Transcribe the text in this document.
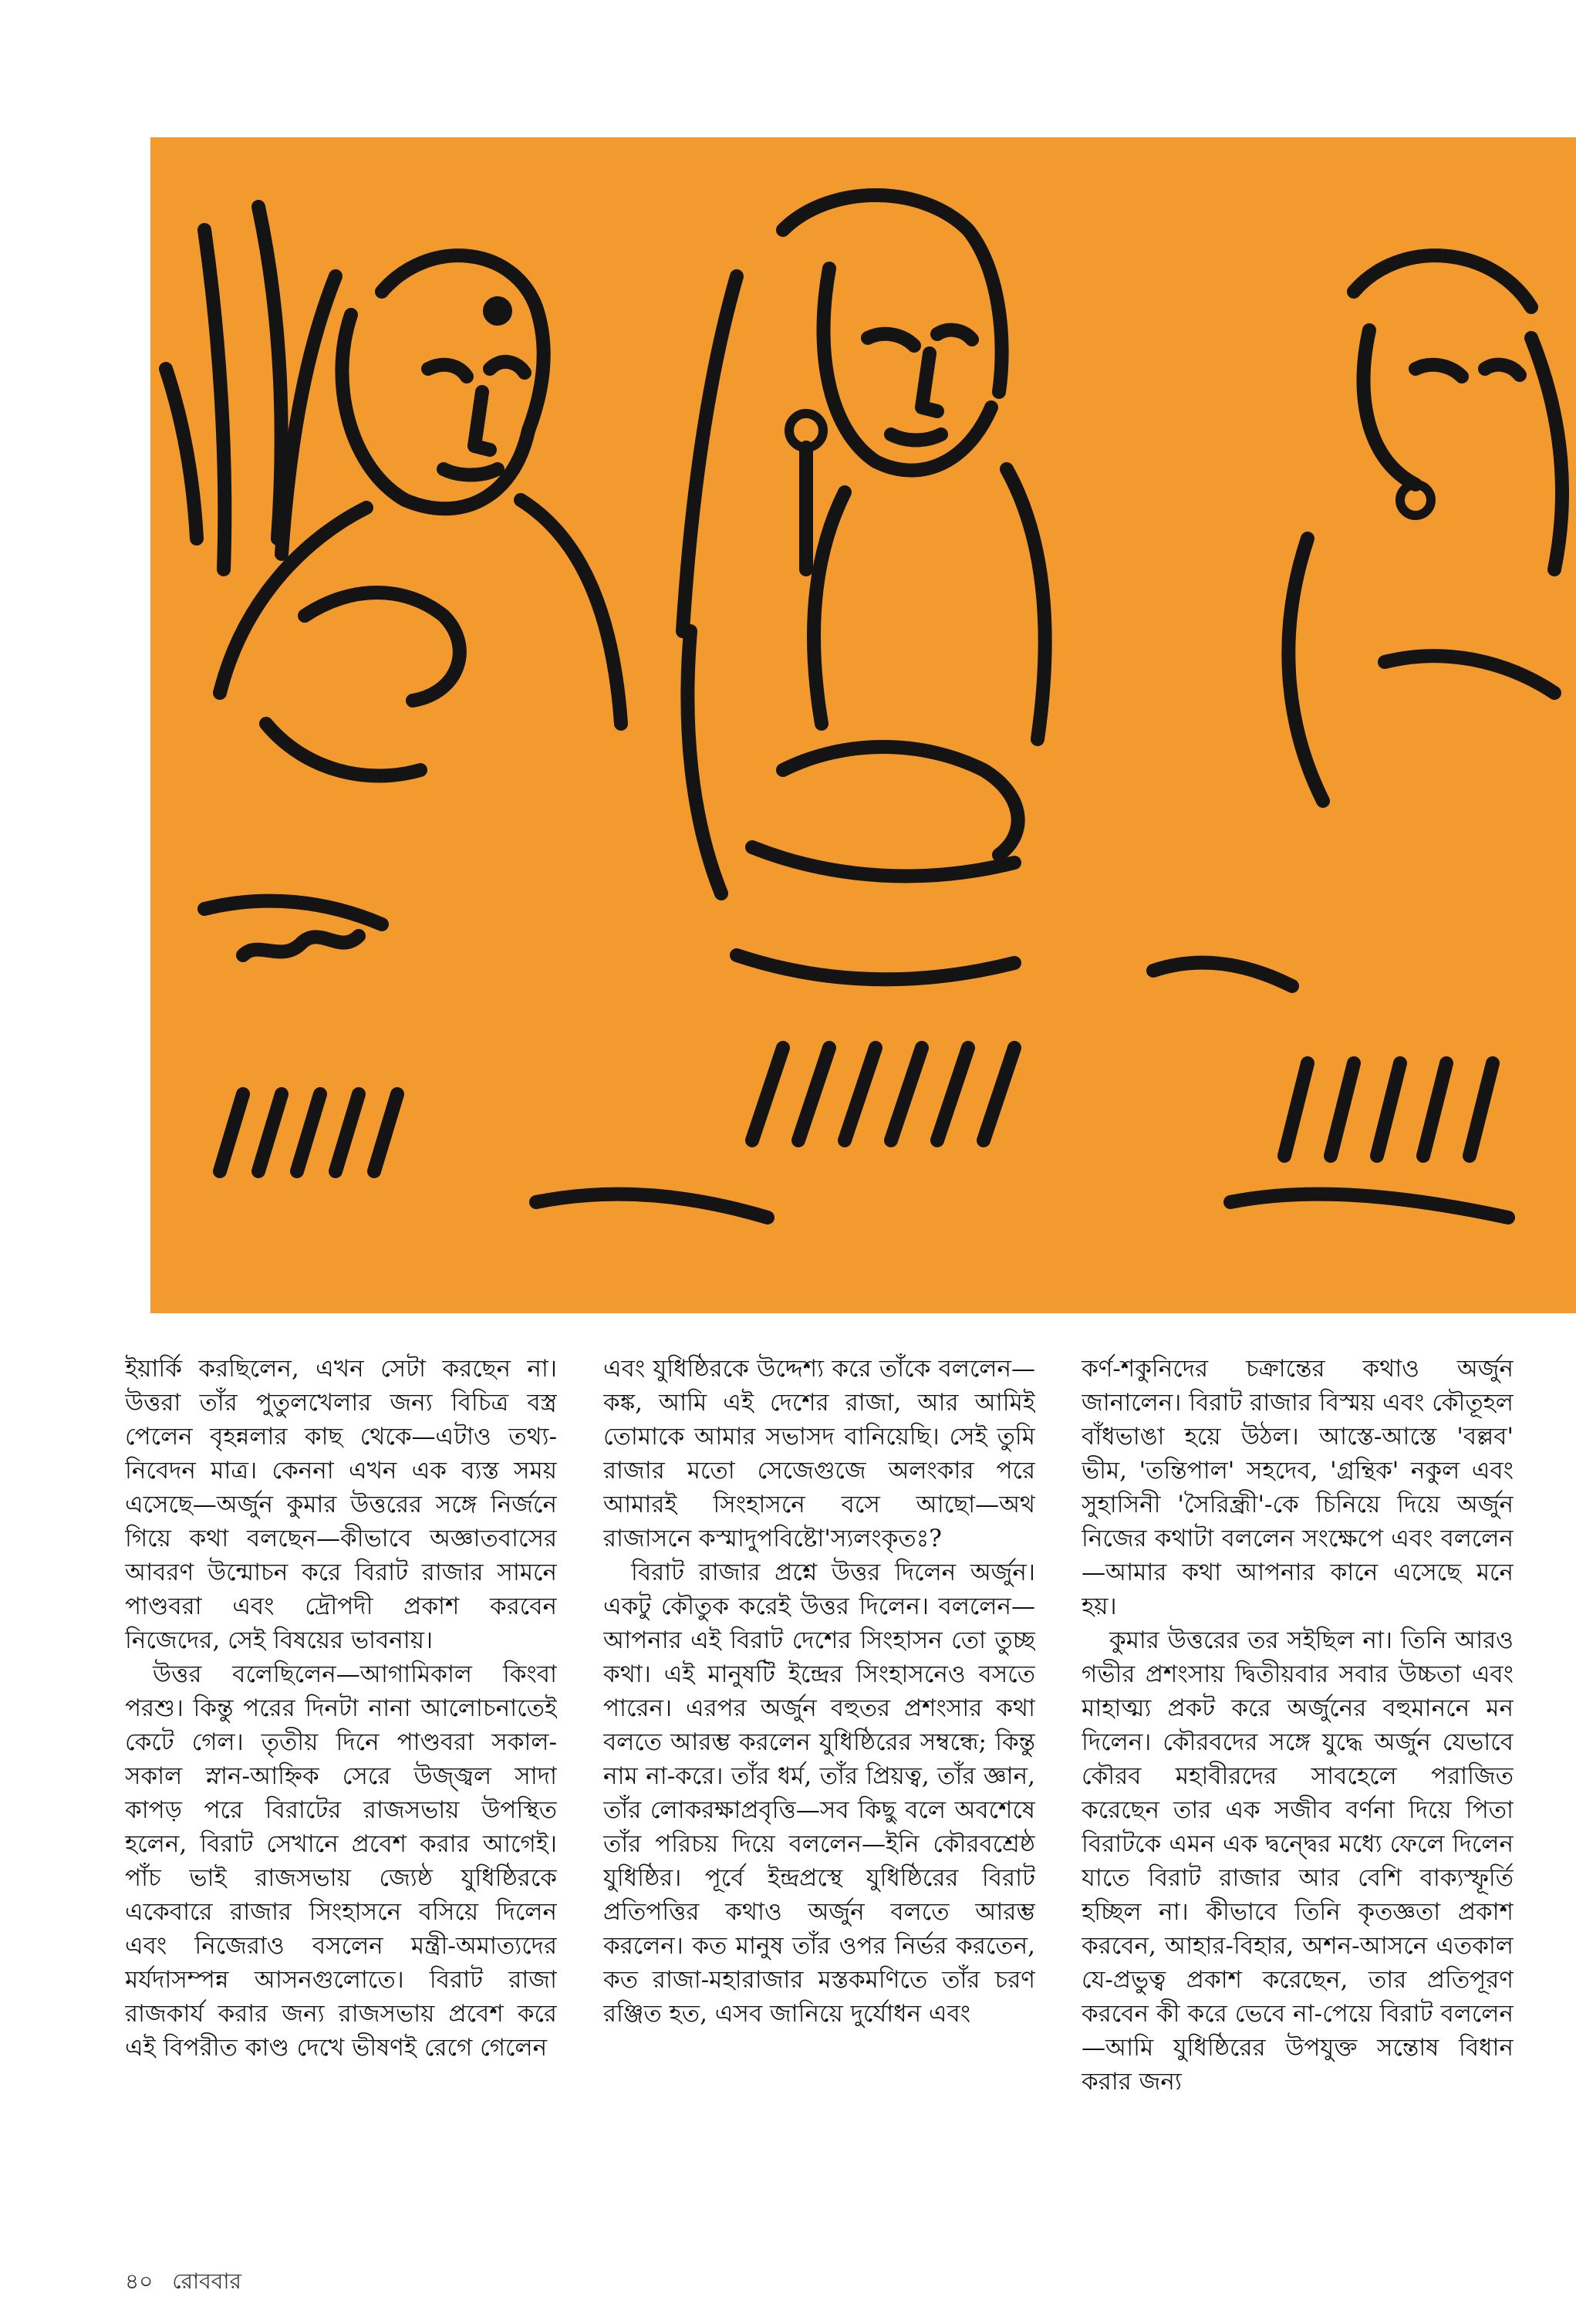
ইয়ার্কি করছিলেন, এখন সেটা করছেন না। উত্তরা তাঁর পুতুলখেলার জন্য বিচিত্র বস্ত্র পেলেন বৃহন্নলার কাছ থেকে—এটাও তথ্য-নিবেদন মাত্র। কেননা এখন এক ব্যস্ত সময় এসেছে—অর্জুন কুমার উত্তরের সঙ্গে নির্জনে গিয়ে কথা বলছেন—কীভাবে অজ্ঞাতবাসের আবরণ উন্মোচন করে বিরাট রাজার সামনে পাণ্ডবরা এবং দ্রৌপদী প্রকাশ করবেন নিজেদের, সেই বিষয়ের ভাবনায়।

উত্তর বলেছিলেন—আগামিকাল কিংবা পরশু। কিন্তু পরের দিনটা নানা আলোচনাতেই কেটে গেল। তৃতীয় দিনে পাণ্ডবরা সকাল-সকাল স্নান-আহ্নিক সেরে উজ্জ্বল সাদা কাপড় পরে বিরাটের রাজসভায় উপস্থিত হলেন, বিরাট সেখানে প্রবেশ করার আগেই। পাঁচ ভাই রাজসভায় জ্যেষ্ঠ যুধিষ্ঠিরকে একেবারে রাজার সিংহাসনে বসিয়ে দিলেন এবং নিজেরাও বসলেন মন্ত্রী-অমাত্যদের মর্যদাসম্পন্ন আসনগুলোতে। বিরাট রাজা রাজকার্য করার জন্য রাজসভায় প্রবেশ করে এই বিপরীত কাণ্ড দেখে ভীষণই রেগে গেলেন

এবং যুধিষ্ঠিরকে উদ্দেশ্য করে তাঁকে বললেন—কঙ্ক, আমি এই দেশের রাজা, আর আমিই তোমাকে আমার সভাসদ বানিয়েছি। সেই তুমি রাজার মতো সেজেগুজে অলংকার পরে আমারই সিংহাসনে বসে আছো—অথ রাজাসনে কস্মাদুপবিষ্টো'স্যলংকৃতঃ?

বিরাট রাজার প্রশ্নে উত্তর দিলেন অর্জুন। একটু কৌতুক করেই উত্তর দিলেন। বললেন—আপনার এই বিরাট দেশের সিংহাসন তো তুচ্ছ কথা। এই মানুষটি ইন্দ্রের সিংহাসনেও বসতে পারেন। এরপর অর্জুন বহুতর প্রশংসার কথা বলতে আরম্ভ করলেন যুধিষ্ঠিরের সম্বন্ধে; কিন্তু নাম না-করে। তাঁর ধর্ম, তাঁর প্রিয়ত্ব, তাঁর জ্ঞান, তাঁর লোকরক্ষাপ্রবৃত্তি—সব কিছু বলে অবশেষে তাঁর পরিচয় দিয়ে বললেন—ইনি কৌরবশ্রেষ্ঠ যুধিষ্ঠির। পূর্বে ইন্দ্রপ্রস্থে যুধিষ্ঠিরের বিরাট প্রতিপত্তির কথাও অর্জুন বলতে আরম্ভ করলেন। কত মানুষ তাঁর ওপর নির্ভর করতেন, কত রাজা-মহারাজার মস্তকমণিতে তাঁর চরণ রঞ্জিত হত, এসব জানিয়ে দুর্যোধন এবং

কর্ণ-শকুনিদের চক্রান্তের কথাও অর্জুন জানালেন। বিরাট রাজার বিস্ময় এবং কৌতূহল বাঁধভাঙা হয়ে উঠল। আস্তে-আস্তে 'বল্লব' ভীম, 'তন্তিপাল' সহদেব, 'গ্রন্থিক' নকুল এবং সুহাসিনী 'সৈরিন্ধ্রী'-কে চিনিয়ে দিয়ে অর্জুন নিজের কথাটা বললেন সংক্ষেপে এবং বললেন—আমার কথা আপনার কানে এসেছে মনে হয়।

কুমার উত্তরের তর সইছিল না। তিনি আরও গভীর প্রশংসায় দ্বিতীয়বার সবার উচ্চতা এবং মাহাত্ম্য প্রকট করে অর্জুনের বহুমাননে মন দিলেন। কৌরবদের সঙ্গে যুদ্ধে অর্জুন যেভাবে কৌরব মহাবীরদের সাবহেলে পরাজিত করেছেন তার এক সজীব বর্ণনা দিয়ে পিতা বিরাটকে এমন এক দ্বন্দ্বের মধ্যে ফেলে দিলেন যাতে বিরাট রাজার আর বেশি বাক্যস্ফূর্তি হচ্ছিল না। কীভাবে তিনি কৃতজ্ঞতা প্রকাশ করবেন, আহার-বিহার, অশন-আসনে এতকাল যে-প্রভুত্ব প্রকাশ করেছেন, তার প্রতিপূরণ করবেন কী করে ভেবে না-পেয়ে বিরাট বললেন—আমি যুধিষ্ঠিরের উপযুক্ত সন্তোষ বিধান করার জন্য

৪০ রোববার
